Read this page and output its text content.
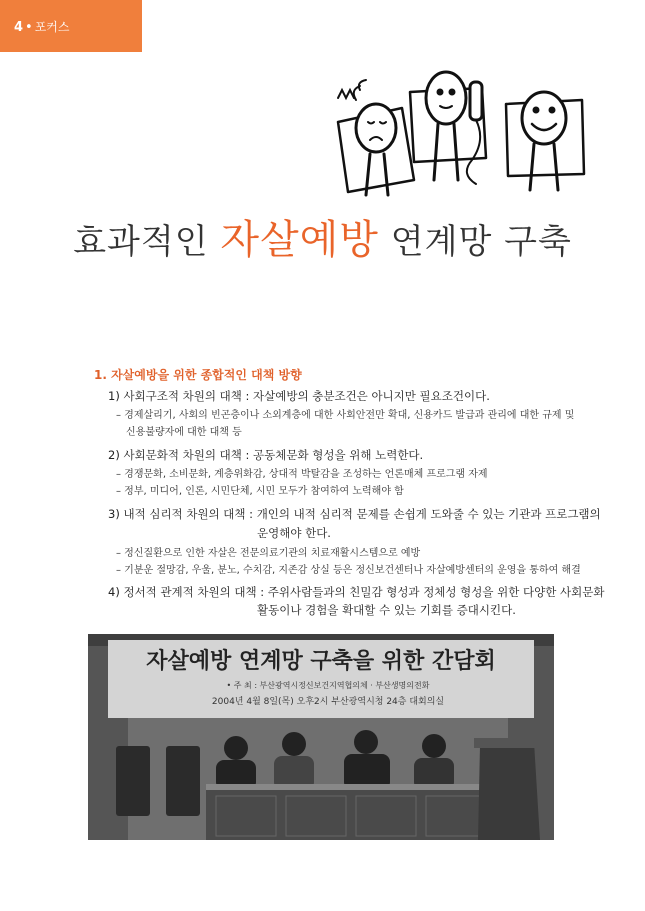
4 • 포커스
효과적인 자살예방 연계망 구축
1. 자살예방을 위한 종합적인 대책 방향
1) 사회구조적 차원의 대책 : 자살예방의 충분조건은 아니지만 필요조건이다.
– 경제살리기, 사회의 빈곤층이나 소외계층에 대한 사회안전만 확대, 신용카드 발급과 관리에 대한 규제 및
신용불량자에 대한 대책 등
2) 사회문화적 차원의 대책 : 공동체문화 형성을 위해 노력한다.
– 경쟁문화, 소비문화, 계층위화감, 상대적 박탈감을 조성하는 언론매체 프로그램 자제
– 정부, 미디어, 인론, 시민단체, 시민 모두가 참여하여 노력해야 함
3) 내적 심리적 차원의 대책 : 개인의 내적 심리적 문제를 손쉽게 도와줄 수 있는 기관과 프로그램의
운영해야 한다.
– 정신질환으로 인한 자살은 전문의료기관의 치료재활시스템으로 예방
– 기분운 절망감, 우울, 분노, 수치감, 지존감 상실 등은 정신보건센터나 자살예방센터의 운영을 통하여 해결
4) 정서적 관계적 차원의 대책 : 주위사람들과의 친밀감 형성과 정체성 형성을 위한 다양한 사회문화
활동이나 경험을 확대할 수 있는 기회를 증대시킨다.
자살예방 연계망 구축을 위한 간담회
• 주 최 : 부산광역시정신보건지역협의체 · 부산생명의전화
2004년 4월 8일(목) 오후2시 부산광역시청 24층 대회의실
